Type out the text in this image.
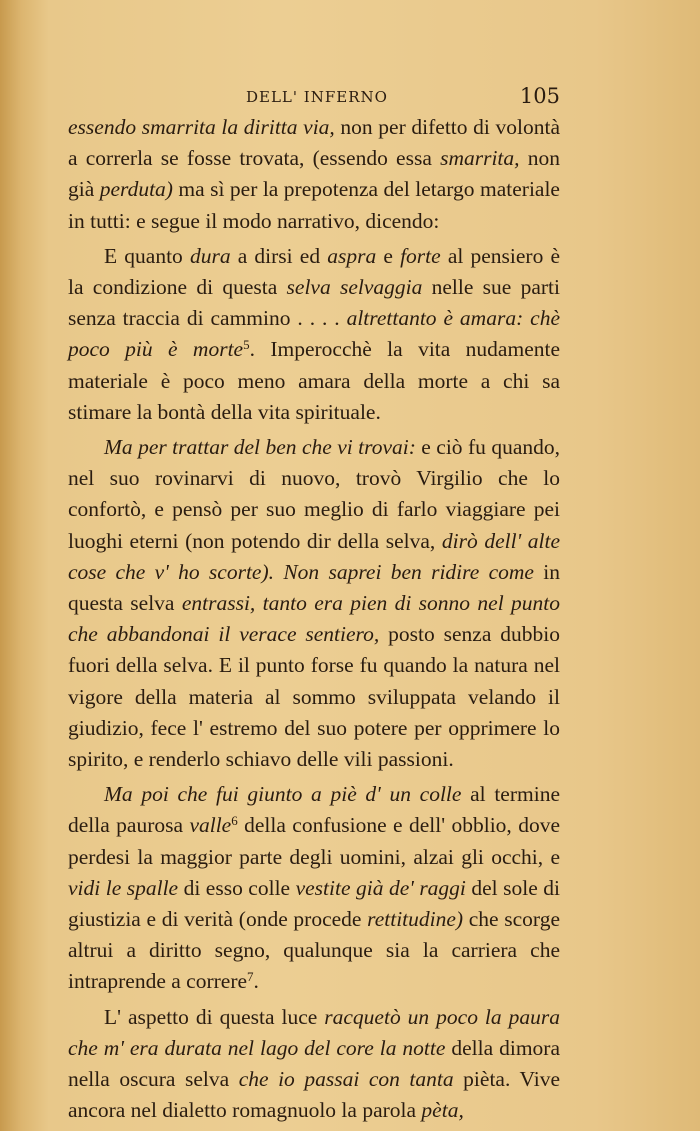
DELL' INFERNO	105

essendo smarrita la diritta via, non per difetto di volontà a correrla se fosse trovata, (essendo essa smarrita, non già perduta) ma sì per la prepotenza del letargo materiale in tutti: e segue il modo narrativo, dicendo:

E quanto dura a dirsi ed aspra e forte al pensiero è la condizione di questa selva selvaggia nelle sue parti senza traccia di cammino . . . . altrettanto è amara: chè poco più è morte$^5$. Imperocchè la vita nudamente materiale è poco meno amara della morte a chi sa stimare la bontà della vita spirituale.

Ma per trattar del ben che vi trovai: e ciò fu quando, nel suo rovinarvi di nuovo, trovò Virgilio che lo confortò, e pensò per suo meglio di farlo viaggiare pei luoghi eterni (non potendo dir della selva, dirò dell' alte cose che v' ho scorte). Non saprei ben ridire come in questa selva entrassi, tanto era pien di sonno nel punto che abbandonai il verace sentiero, posto senza dubbio fuori della selva. E il punto forse fu quando la natura nel vigore della materia al sommo sviluppata velando il giudizio, fece l' estremo del suo potere per opprimere lo spirito, e renderlo schiavo delle vili passioni.

Ma poi che fui giunto a piè d' un colle al termine della paurosa valle$^6$ della confusione e dell' obblio, dove perdesi la maggior parte degli uomini, alzai gli occhi, e vidi le spalle di esso colle vestite già de' raggi del sole di giustizia e di verità (onde procede rettitudine) che scorge altrui a diritto segno, qualunque sia la carriera che intraprende a correre$^7$.

L' aspetto di questa luce racquetò un poco la paura che m' era durata nel lago del core la notte della dimora nella oscura selva che io passai con tanta pièta. Vive ancora nel dialetto romagnuolo la parola pèta,
